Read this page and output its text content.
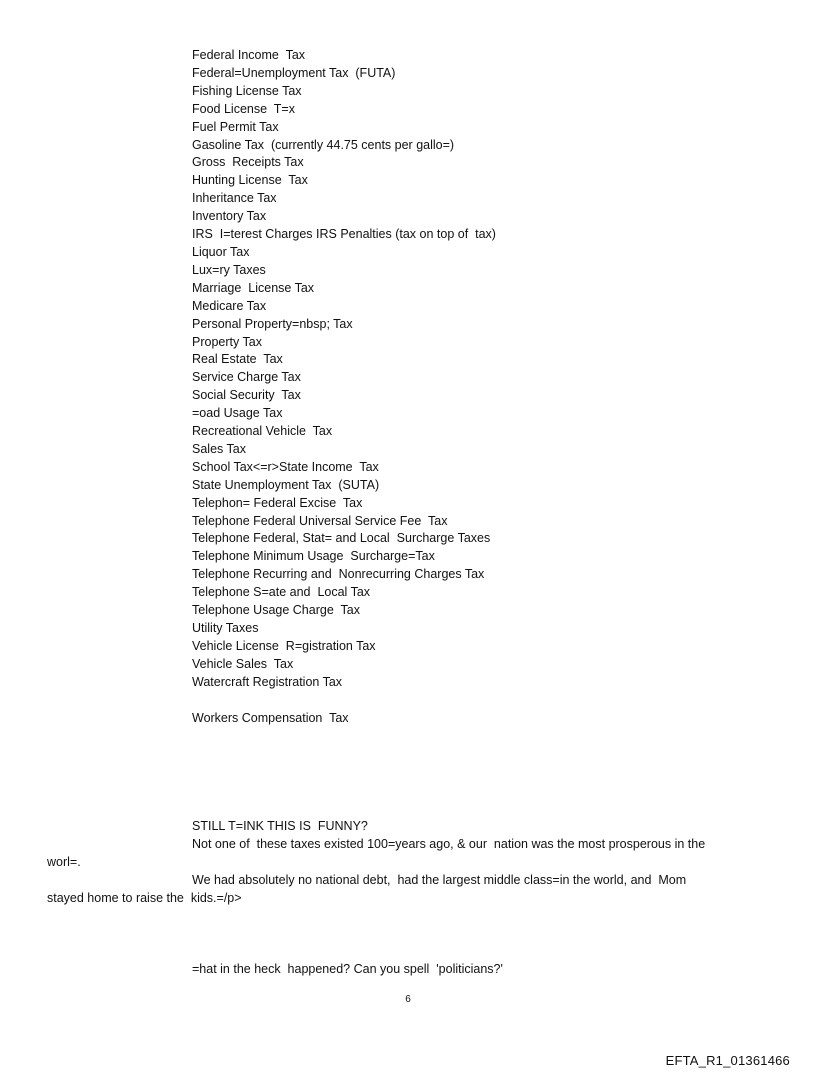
Federal Income  Tax
Federal=Unemployment Tax  (FUTA)
Fishing License Tax
Food License  T=x
Fuel Permit Tax
Gasoline Tax  (currently 44.75 cents per gallo=)
Gross  Receipts Tax
Hunting License  Tax
Inheritance Tax
Inventory Tax
IRS  I=terest Charges IRS Penalties (tax on top of  tax)
Liquor Tax
Lux=ry Taxes
Marriage  License Tax
Medicare Tax
Personal Property=nbsp; Tax
Property Tax
Real Estate  Tax
Service Charge Tax
Social Security  Tax
=oad Usage Tax
Recreational Vehicle  Tax
Sales Tax
School Tax<=r>State Income  Tax
State Unemployment Tax  (SUTA)
Telephon= Federal Excise  Tax
Telephone Federal Universal Service Fee  Tax
Telephone Federal, Stat= and Local  Surcharge Taxes
Telephone Minimum Usage  Surcharge=Tax
Telephone Recurring and  Nonrecurring Charges Tax
Telephone S=ate and  Local Tax
Telephone Usage Charge  Tax
Utility Taxes
Vehicle License  R=gistration Tax
Vehicle Sales  Tax
Watercraft Registration Tax
Workers Compensation  Tax

STILL T=INK THIS IS  FUNNY?

Not one of  these taxes existed 100=years ago, & our  nation was the most prosperous in the

worl=.

We had absolutely no national debt,  had the largest middle class=in the world, and  Mom

stayed home to raise the  kids.=/p>

=hat in the heck  happened? Can you spell  'politicians?'

6
EFTA_R1_01361466
